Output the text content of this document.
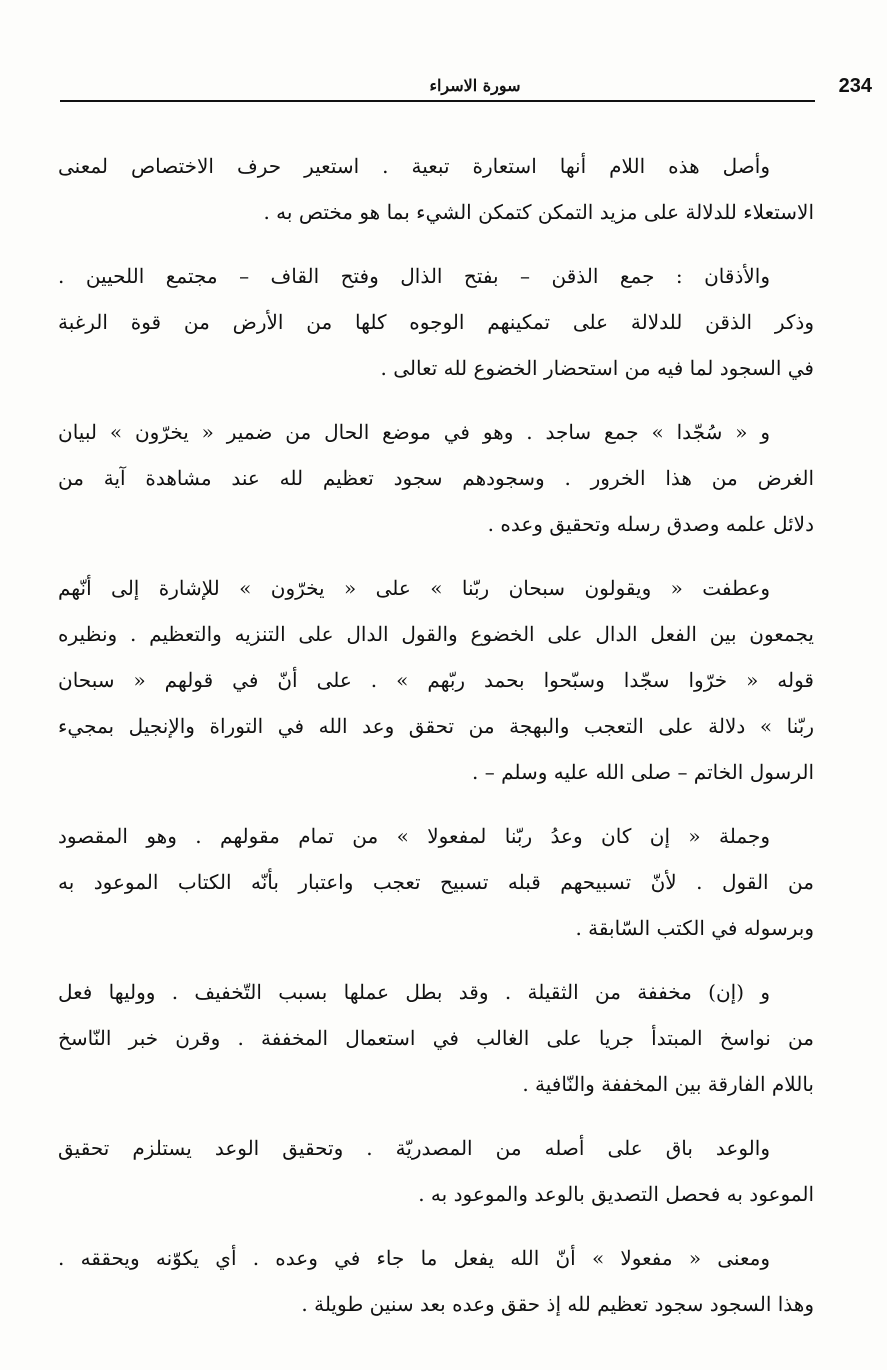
سورة الاسراء	234
وأصل هذه اللام أنها استعارة تبعية . استعير حرف الاختصاص لمعنى
الاستعلاء للدلالة على مزيد التمكن كتمكن الشيء بما هو مختص به .
والأذقان : جمع الذقن – بفتح الذال وفتح القاف – مجتمع اللحيين .
وذكر الذقن للدلالة على تمكينهم الوجوه كلها من الأرض من قوة الرغبة
في السجود لما فيه من استحضار الخضوع لله تعالى .
و « سُجّدا » جمع ساجد . وهو في موضع الحال من ضمير « يخرّون » لبيان
الغرض من هذا الخرور . وسجودهم سجود تعظيم لله عند مشاهدة آية من
دلائل علمه وصدق رسله وتحقيق وعده .
وعطفت « ويقولون سبحان ربّنا » على « يخرّون » للإشارة إلى أنّهم
يجمعون بين الفعل الدال على الخضوع والقول الدال على التنزيه والتعظيم . ونظيره
قوله « خرّوا سجّدا وسبّحوا بحمد ربّهم » . على أنّ في قولهم « سبحان
ربّنا » دلالة على التعجب والبهجة من تحقق وعد الله في التوراة والإنجيل بمجيء
الرسول الخاتم – صلى الله عليه وسلم – .
وجملة « إن كان وعدُ ربّنا لمفعولا » من تمام مقولهم . وهو المقصود
من القول . لأنّ تسبيحهم قبله تسبيح تعجب واعتبار بأنّه الكتاب الموعود به
وبرسوله في الكتب السّابقة .
و (إن) مخففة من الثقيلة . وقد بطل عملها بسبب التّخفيف . ووليها فعل
من نواسخ المبتدأ جريا على الغالب في استعمال المخففة . وقرن خبر النّاسخ
باللام الفارقة بين المخففة والنّافية .
والوعد باق على أصله من المصدريّة . وتحقيق الوعد يستلزم تحقيق
الموعود به فحصل التصديق بالوعد والموعود به .
ومعنى « مفعولا » أنّ الله يفعل ما جاء في وعده . أي يكوّنه ويحققه .
وهذا السجود سجود تعظيم لله إذ حقق وعده بعد سنين طويلة .
